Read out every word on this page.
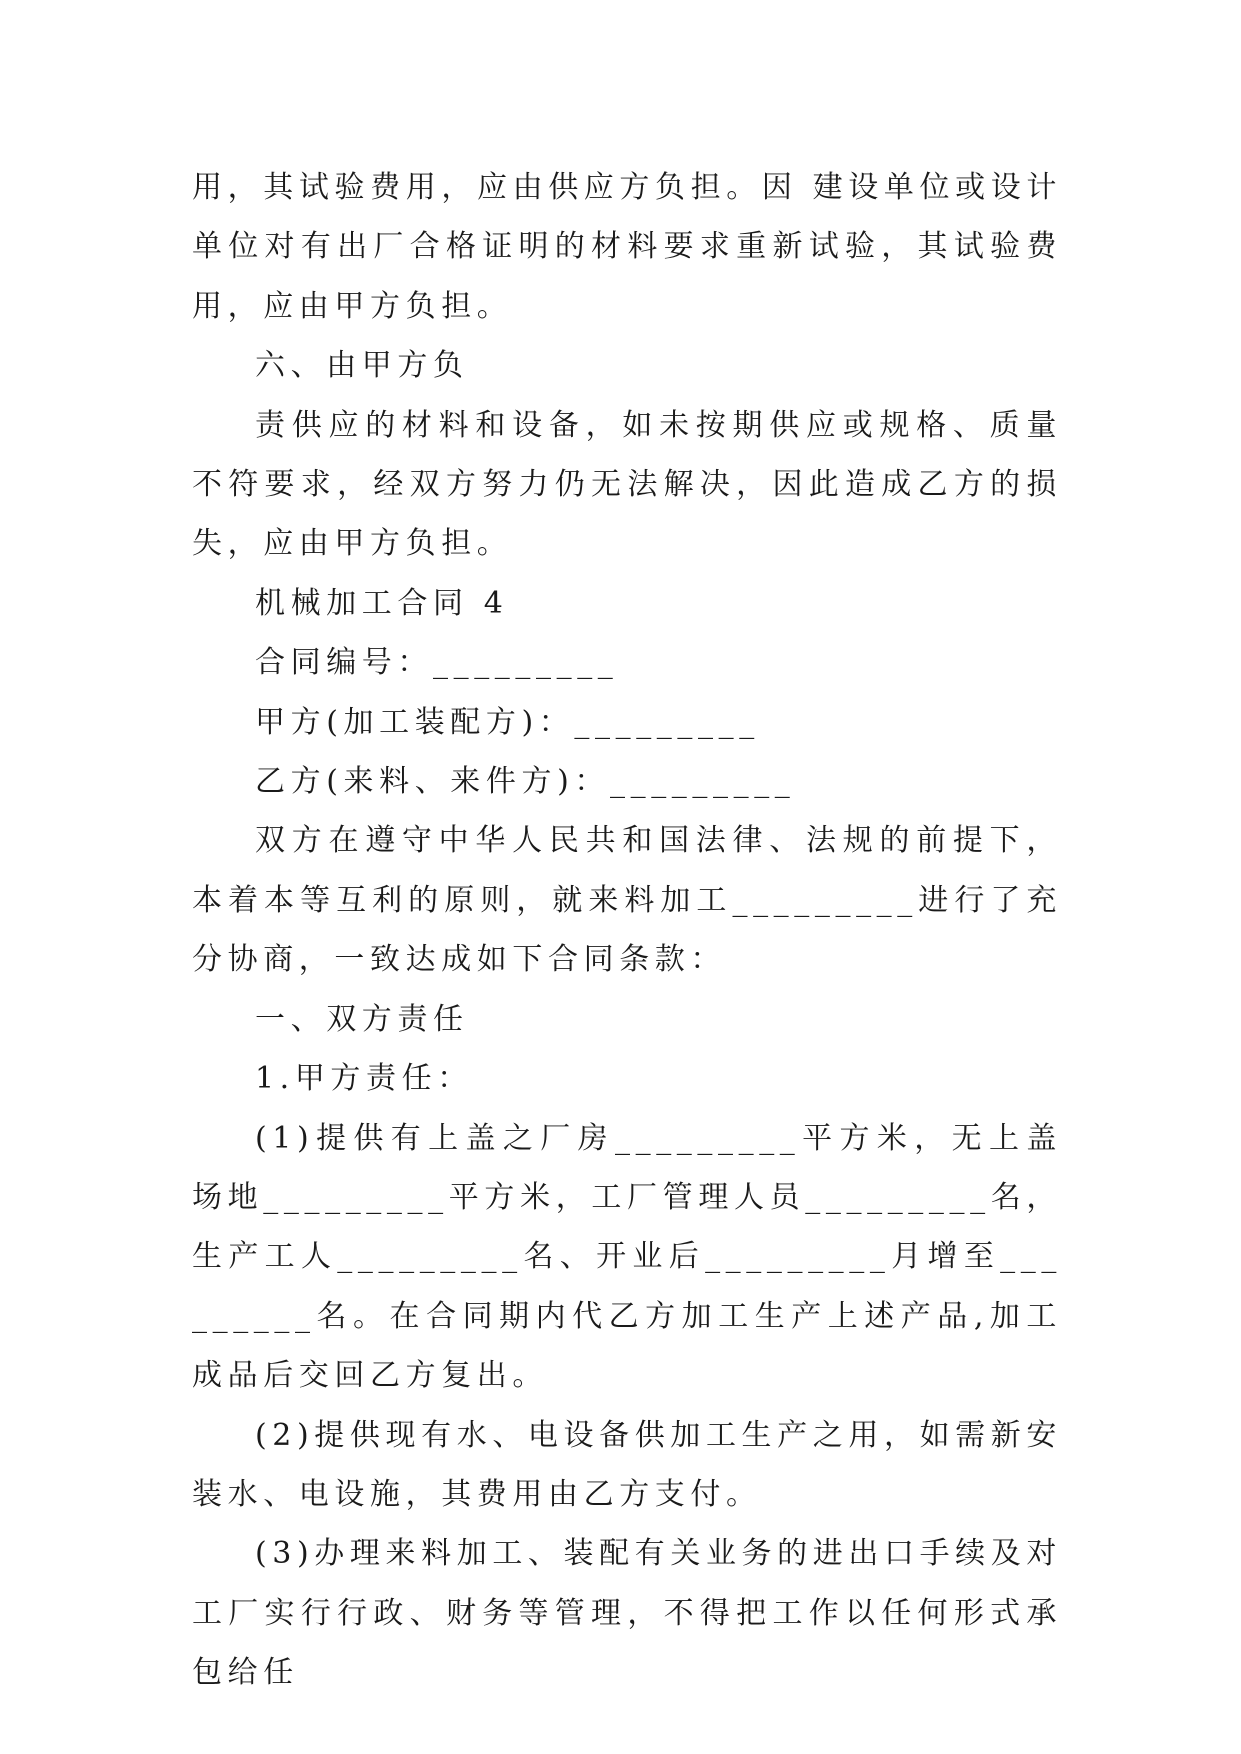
用，其试验费用，应由供应方负担。因 建设单位或设计单位对有出厂合格证明的材料要求重新试验，其试验费用，应由甲方负担。

六、由甲方负

责供应的材料和设备，如未按期供应或规格、质量不符要求，经双方努力仍无法解决，因此造成乙方的损失，应由甲方负担。

机械加工合同 4

合同编号：_________

甲方(加工装配方)：_________

乙方(来料、来件方)：_________

双方在遵守中华人民共和国法律、法规的前提下，本着本等互利的原则，就来料加工_________进行了充分协商，一致达成如下合同条款：

一、双方责任

1.甲方责任：

(1)提供有上盖之厂房_________平方米，无上盖场地_________平方米，工厂管理人员_________名，生产工人_________名、开业后_________月增至_________名。在合同期内代乙方加工生产上述产品,加工成品后交回乙方复出。

(2)提供现有水、电设备供加工生产之用，如需新安装水、电设施，其费用由乙方支付。

(3)办理来料加工、装配有关业务的进出口手续及对工厂实行行政、财务等管理，不得把工作以任何形式承包给任
